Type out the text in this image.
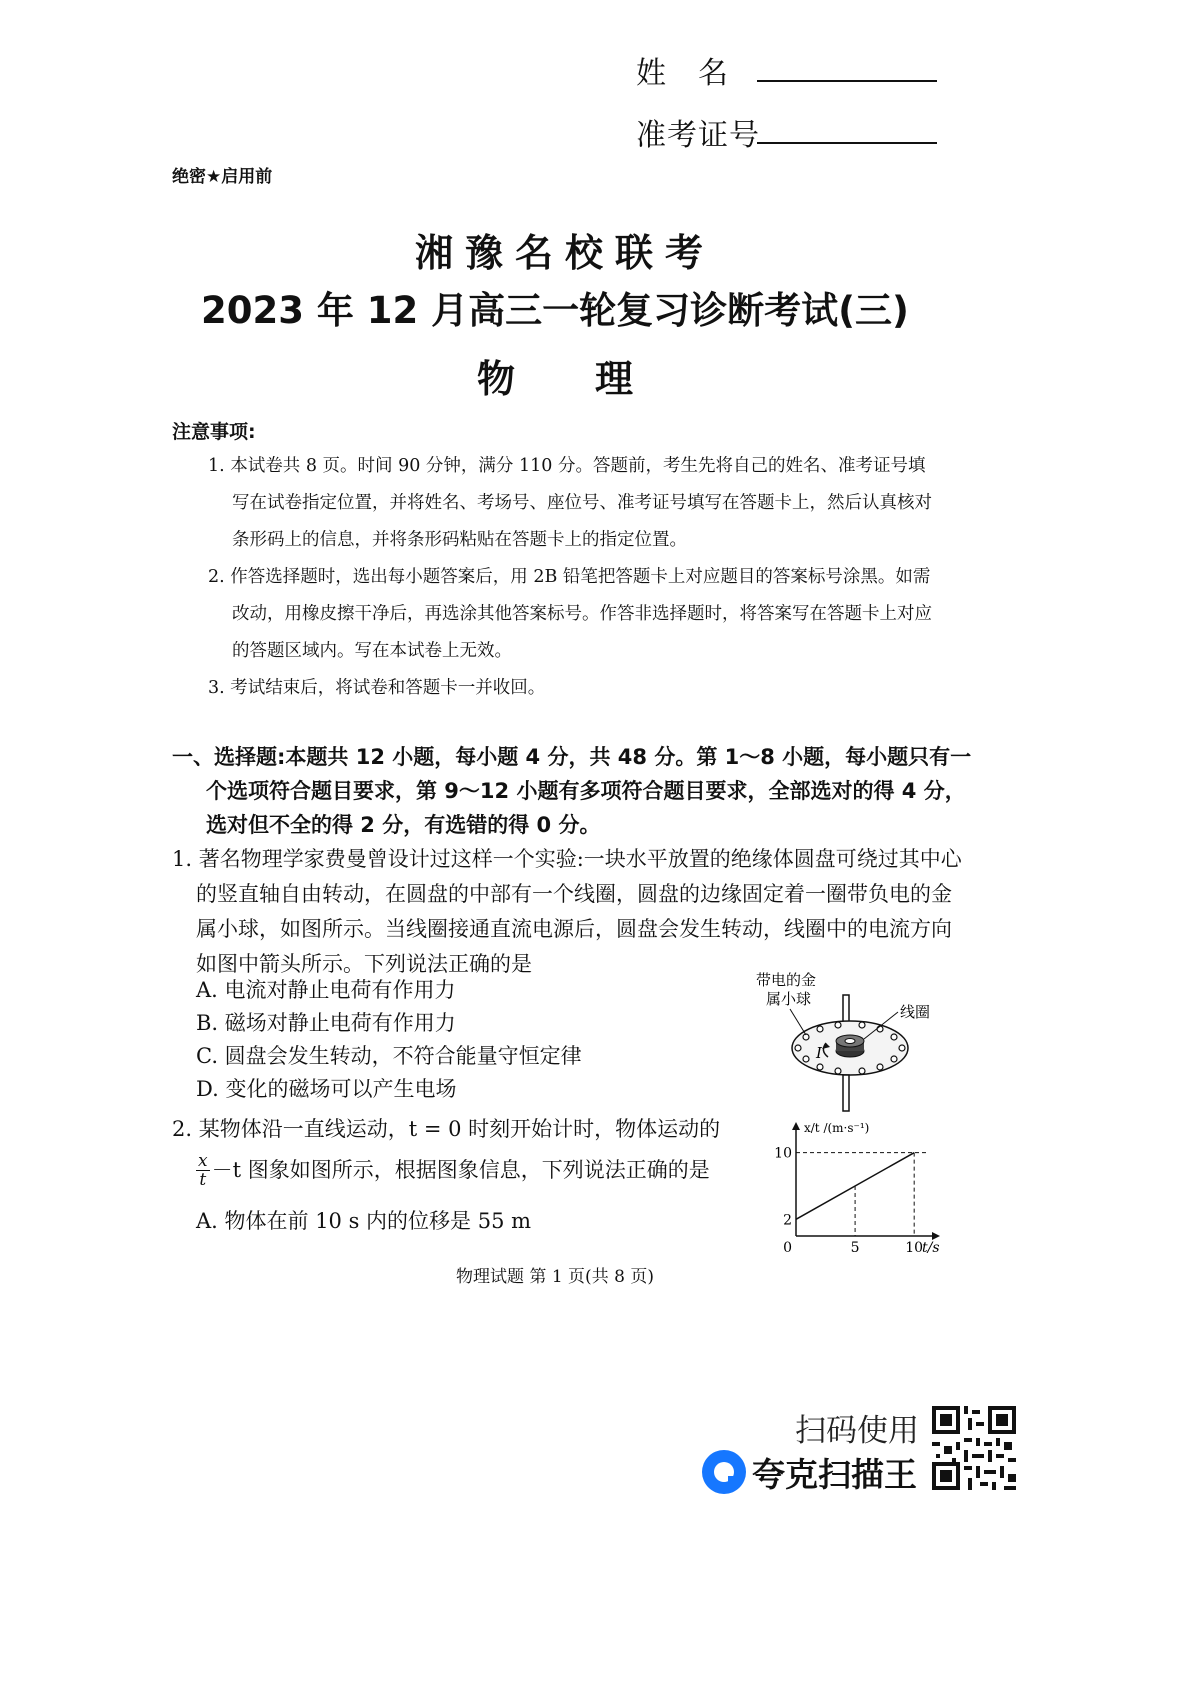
姓　名
准考证号
绝密★启用前
湘豫名校联考
2023 年 12 月高三一轮复习诊断考试(三)
物理
注意事项:
1. 本试卷共 8 页。时间 90 分钟，满分 110 分。答题前，考生先将自己的姓名、准考证号填写在试卷指定位置，并将姓名、考场号、座位号、准考证号填写在答题卡上，然后认真核对条形码上的信息，并将条形码粘贴在答题卡上的指定位置。
2. 作答选择题时，选出每小题答案后，用 2B 铅笔把答题卡上对应题目的答案标号涂黑。如需改动，用橡皮擦干净后，再选涂其他答案标号。作答非选择题时，将答案写在答题卡上对应的答题区域内。写在本试卷上无效。
3. 考试结束后，将试卷和答题卡一并收回。
一、选择题:本题共 12 小题，每小题 4 分，共 48 分。第 1～8 小题，每小题只有一个选项符合题目要求，第 9～12 小题有多项符合题目要求，全部选对的得 4 分，选对但不全的得 2 分，有选错的得 0 分。
1. 著名物理学家费曼曾设计过这样一个实验:一块水平放置的绝缘体圆盘可绕过其中心的竖直轴自由转动，在圆盘的中部有一个线圈，圆盘的边缘固定着一圈带负电的金属小球，如图所示。当线圈接通直流电源后，圆盘会发生转动，线圈中的电流方向如图中箭头所示。下列说法正确的是
A. 电流对静止电荷有作用力
B. 磁场对静止电荷有作用力
C. 圆盘会发生转动，不符合能量守恒定律
D. 变化的磁场可以产生电场
带电的金
属小球
线圈
I
2. 某物体沿一直线运动，t = 0 时刻开始计时，物体运动的
$\frac{x}{t} -t$ 图象如图所示，根据图象信息，下列说法正确的是
A. 物体在前 10 s 内的位移是 55 m
x/t /(m·s⁻¹)
t/s
0	5	10
2
10
物理试题 第 1 页(共 8 页)
扫码使用
夸克扫描王
